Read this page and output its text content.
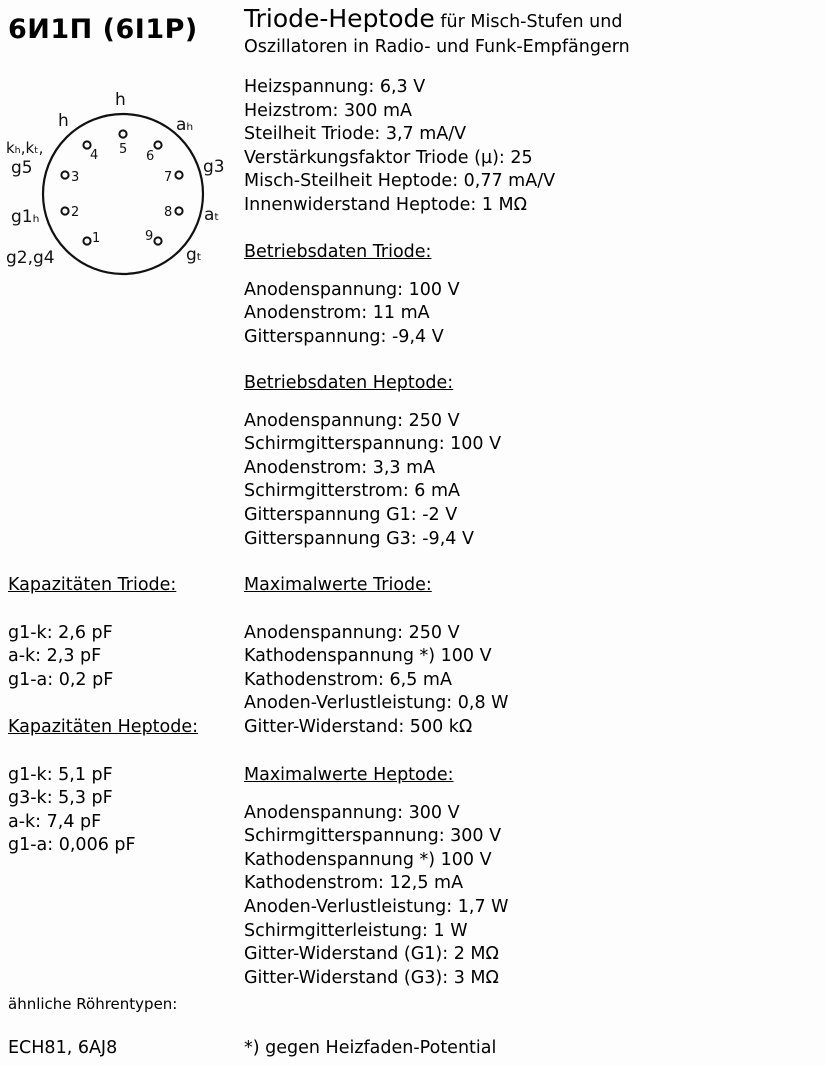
6И1П (6I1P) Triode-Heptode für Misch-Stufen und
Oszillatoren in Radio- und Funk-Empfängern
1
2
3
4 5 6
7
8
9
h
h
kₕ,kₜ,
g5
g1ₕ
g2,g4
aₕ
g3
aₜ
gₜ
Heizspannung: 6,3 V
Heizstrom: 300 mA
Steilheit Triode: 3,7 mA/V
Verstärkungsfaktor Triode (µ): 25
Misch-Steilheit Heptode: 0,77 mA/V
Innenwiderstand Heptode: 1 MΩ
Betriebsdaten Triode:
Anodenspannung: 100 V
Anodenstrom: 11 mA
Gitterspannung: -9,4 V
Betriebsdaten Heptode:
Anodenspannung: 250 V
Schirmgitterspannung: 100 V
Anodenstrom: 3,3 mA
Schirmgitterstrom: 6 mA
Gitterspannung G1: -2 V
Gitterspannung G3: -9,4 V
Maximalwerte Triode:
Anodenspannung: 250 V
Kathodenspannung *) 100 V
Kathodenstrom: 6,5 mA
Anoden-Verlustleistung: 0,8 W
Gitter-Widerstand: 500 kΩ
Maximalwerte Heptode:
Anodenspannung: 300 V
Schirmgitterspannung: 300 V
Kathodenspannung *) 100 V
Kathodenstrom: 12,5 mA
Anoden-Verlustleistung: 1,7 W
Schirmgitterleistung: 1 W
Gitter-Widerstand (G1): 2 MΩ
Gitter-Widerstand (G3): 3 MΩ
Kapazitäten Triode:
g1-k: 2,6 pF
a-k: 2,3 pF
g1-a: 0,2 pF
Kapazitäten Heptode:
g1-k: 5,1 pF
g3-k: 5,3 pF
a-k: 7,4 pF
g1-a: 0,006 pF
ähnliche Röhrentypen:
ECH81, 6AJ8	*) gegen Heizfaden-Potential
